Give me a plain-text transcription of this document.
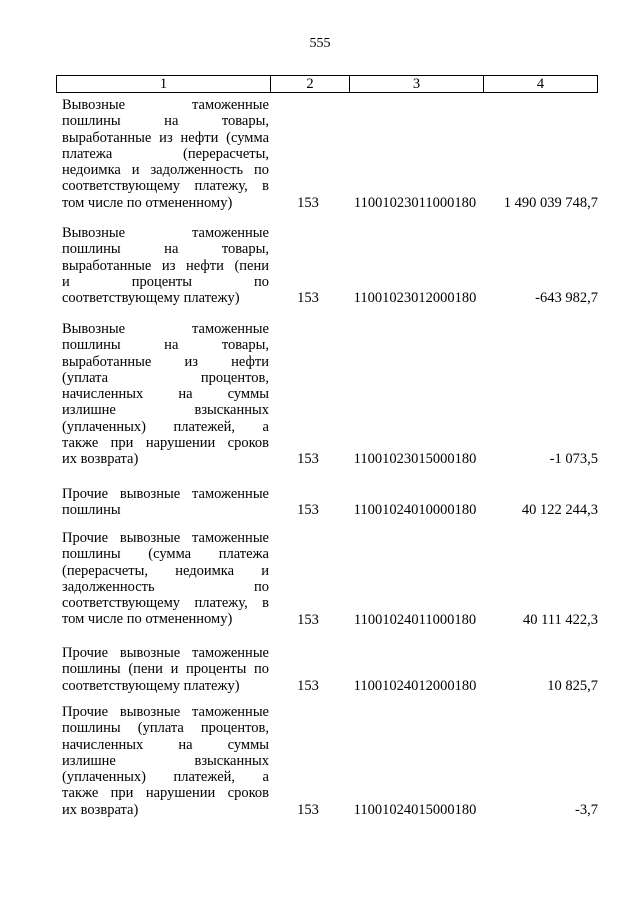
555
1	2	3	4
Вывозные таможенные
пошлины на товары,
выработанные из нефти (сумма
платежа (перерасчеты,
недоимка и задолженность по
соответствующему платежу, в
том числе по отмененному)	153	11001023011000180	1 490 039 748,7
Вывозные таможенные
пошлины на товары,
выработанные из нефти (пени
и проценты по
соответствующему платежу)	153	11001023012000180	-643 982,7
Вывозные таможенные
пошлины на товары,
выработанные из нефти
(уплата процентов,
начисленных на суммы
излишне взысканных
(уплаченных) платежей, а
также при нарушении сроков
их возврата)	153	11001023015000180	-1 073,5
Прочие вывозные таможенные
пошлины	153	11001024010000180	40 122 244,3
Прочие вывозные таможенные
пошлины (сумма платежа
(перерасчеты, недоимка и
задолженность по
соответствующему платежу, в
том числе по отмененному)	153	11001024011000180	40 111 422,3
Прочие вывозные таможенные
пошлины (пени и проценты по
соответствующему платежу)	153	11001024012000180	10 825,7
Прочие вывозные таможенные
пошлины (уплата процентов,
начисленных на суммы
излишне взысканных
(уплаченных) платежей, а
также при нарушении сроков
их возврата)	153	11001024015000180	-3,7
